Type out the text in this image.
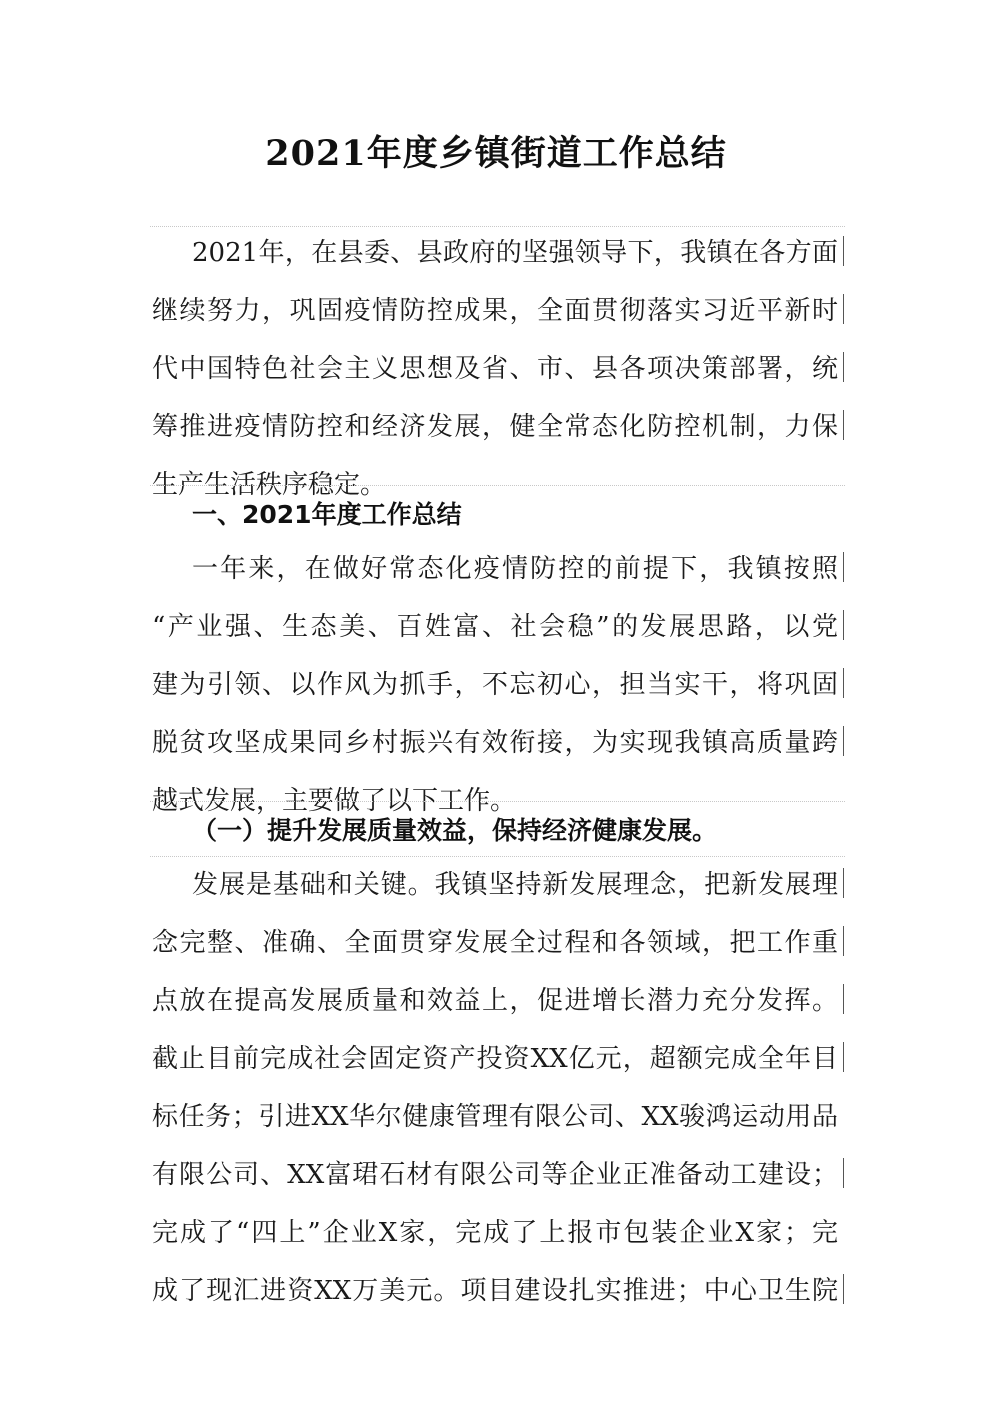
2021年度乡镇街道工作总结
2021年，在县委、县政府的坚强领导下，我镇在各方面
继续努力，巩固疫情防控成果，全面贯彻落实习近平新时
代中国特色社会主义思想及省、市、县各项决策部署，统
筹推进疫情防控和经济发展，健全常态化防控机制，力保
生产生活秩序稳定。
一、2021年度工作总结
一年来，在做好常态化疫情防控的前提下，我镇按照
“产业强、生态美、百姓富、社会稳”的发展思路，以党
建为引领、以作风为抓手，不忘初心，担当实干，将巩固
脱贫攻坚成果同乡村振兴有效衔接，为实现我镇高质量跨
越式发展，主要做了以下工作。
（一）提升发展质量效益，保持经济健康发展。
发展是基础和关键。我镇坚持新发展理念，把新发展理
念完整、准确、全面贯穿发展全过程和各领域，把工作重
点放在提高发展质量和效益上，促进增长潜力充分发挥。
截止目前完成社会固定资产投资XX亿元，超额完成全年目
标任务；引进XX华尔健康管理有限公司、XX骏鸿运动用品
有限公司、XX富珺石材有限公司等企业正准备动工建设；
完成了“四上”企业X家，完成了上报市包装企业X家；完
成了现汇进资XX万美元。项目建设扎实推进；中心卫生院
